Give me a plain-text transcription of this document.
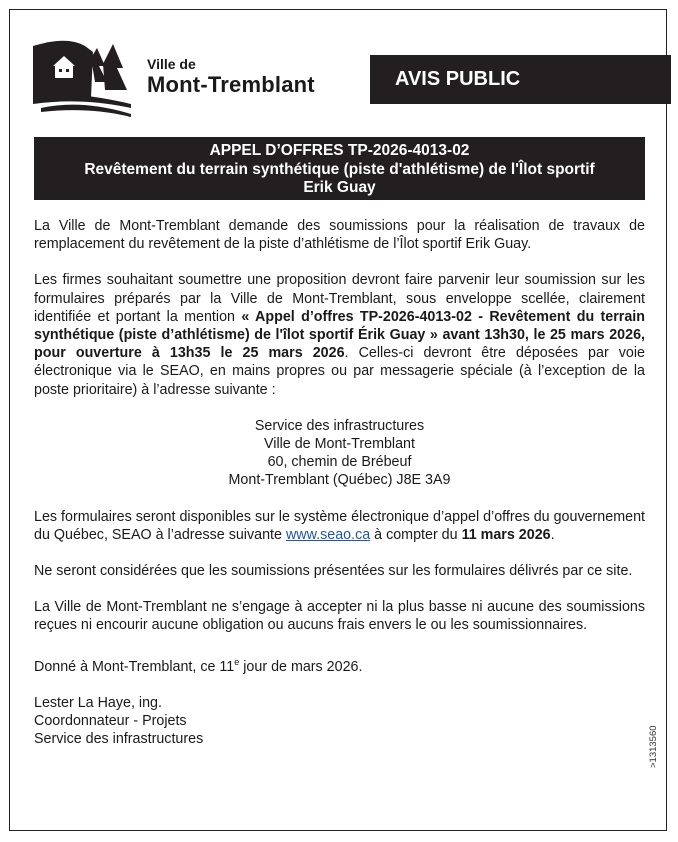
Ville de
Mont-Tremblant	AVIS PUBLIC
APPEL D’OFFRES TP-2026-4013-02
Revêtement du terrain synthétique (piste d'athlétisme) de l'Îlot sportif
Erik Guay

La Ville de Mont-Tremblant demande des soumissions pour la réalisation de travaux de remplacement du revêtement de la piste d’athlétisme de l’Îlot sportif Erik Guay.

Les firmes souhaitant soumettre une proposition devront faire parvenir leur soumission sur les formulaires préparés par la Ville de Mont-Tremblant, sous enveloppe scellée, clairement identifiée et portant la mention « Appel d’offres TP-2026-4013-02 - Revêtement du terrain synthétique (piste d’athlétisme) de l'îlot sportif Érik Guay » avant 13h30, le 25 mars 2026, pour ouverture à 13h35 le 25 mars 2026. Celles-ci devront être déposées par voie électronique via le SEAO, en mains propres ou par messagerie spéciale (à l’exception de la poste prioritaire) à l’adresse suivante :

Service des infrastructures
Ville de Mont-Tremblant
60, chemin de Brébeuf
Mont-Tremblant (Québec) J8E 3A9

Les formulaires seront disponibles sur le système électronique d’appel d’offres du gouvernement du Québec, SEAO à l’adresse suivante www.seao.ca à compter du 11 mars 2026.

Ne seront considérées que les soumissions présentées sur les formulaires délivrés par ce site.

La Ville de Mont-Tremblant ne s’engage à accepter ni la plus basse ni aucune des soumissions reçues ni encourir aucune obligation ou aucuns frais envers le ou les soumissionnaires.

Donné à Mont-Tremblant, ce 11e jour de mars 2026.

Lester La Haye, ing.
Coordonnateur - Projets
Service des infrastructures	>1313560
